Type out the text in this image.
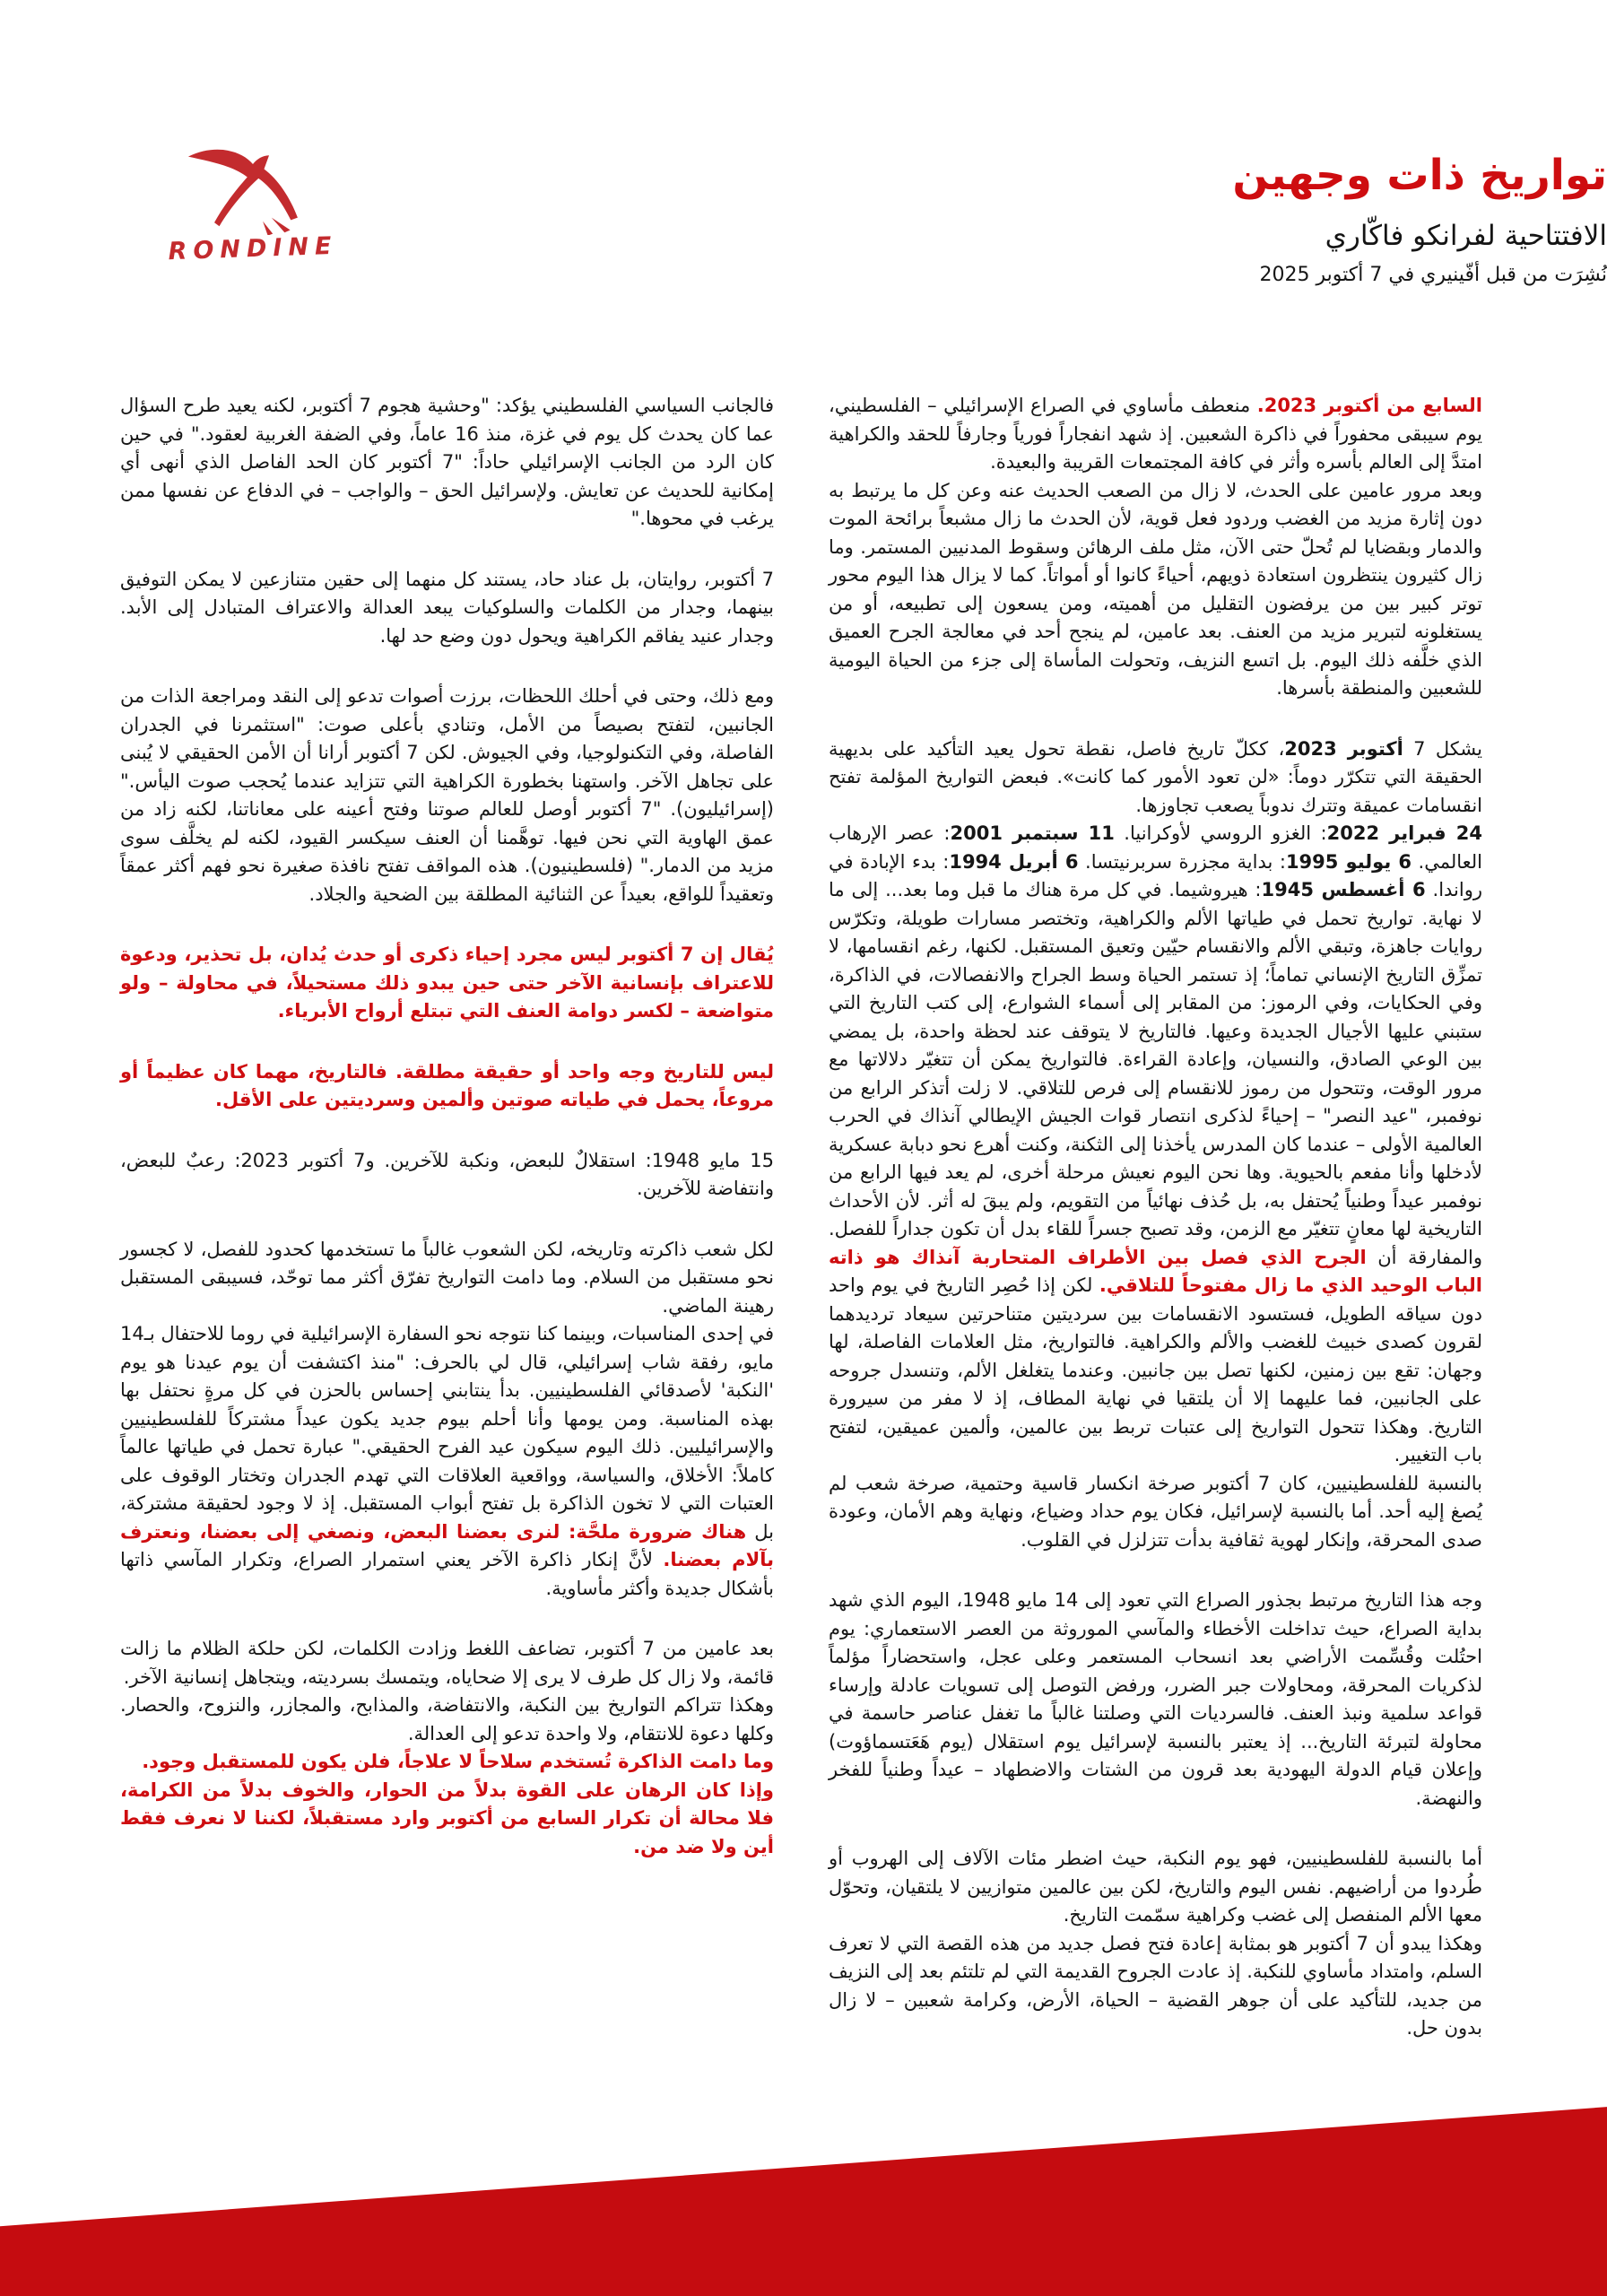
RONDINE
تواريخ ذات وجهين
الافتتاحية لفرانكو فاكّاري
نُشِرَت من قبل أفّينيري في 7 أكتوبر 2025

السابع من أكتوبر 2023. منعطف مأساوي في الصراع الإسرائيلي – الفلسطيني، يوم سيبقى محفوراً في ذاكرة الشعبين. إذ شهد انفجاراً فورياً وجارفاً للحقد والكراهية امتدَّ إلى العالم بأسره وأثر في كافة المجتمعات القريبة والبعيدة.

وبعد مرور عامين على الحدث، لا زال من الصعب الحديث عنه وعن كل ما يرتبط به دون إثارة مزيد من الغضب وردود فعل قوية، لأن الحدث ما زال مشبعاً برائحة الموت والدمار وبقضايا لم تُحلّ حتى الآن، مثل ملف الرهائن وسقوط المدنيين المستمر. وما زال كثيرون ينتظرون استعادة ذويهم، أحياءً كانوا أو أمواتاً. كما لا يزال هذا اليوم محور توتر كبير بين من يرفضون التقليل من أهميته، ومن يسعون إلى تطبيعه، أو من يستغلونه لتبرير مزيد من العنف. بعد عامين، لم ينجح أحد في معالجة الجرح العميق الذي خلَّفه ذلك اليوم. بل اتسع النزيف، وتحولت المأساة إلى جزء من الحياة اليومية للشعبين والمنطقة بأسرها.

يشكل 7 أكتوبر 2023، ككلّ تاريخ فاصل، نقطة تحول يعيد التأكيد على بديهية الحقيقة التي تتكرّر دوماً: «لن تعود الأمور كما كانت». فبعض التواريخ المؤلمة تفتح انقسامات عميقة وتترك ندوباً يصعب تجاوزها.

24 فبراير 2022: الغزو الروسي لأوكرانيا. 11 سبتمبر 2001: عصر الإرهاب العالمي. 6 يوليو 1995: بداية مجزرة سربرنيتسا. 6 أبريل 1994: بدء الإبادة في رواندا. 6 أغسطس 1945: هيروشيما. في كل مرة هناك ما قبل وما بعد... إلى ما لا نهاية. تواريخ تحمل في طياتها الألم والكراهية، وتختصر مسارات طويلة، وتكرّس روايات جاهزة، وتبقي الألم والانقسام حيّين وتعيق المستقبل. لكنها، رغم انقسامها، لا تمزِّق التاريخ الإنساني تماماً؛ إذ تستمر الحياة وسط الجراح والانفصالات، في الذاكرة، وفي الحكايات، وفي الرموز: من المقابر إلى أسماء الشوارع، إلى كتب التاريخ التي ستبني عليها الأجيال الجديدة وعيها. فالتاريخ لا يتوقف عند لحظة واحدة، بل يمضي بين الوعي الصادق، والنسيان، وإعادة القراءة. فالتواريخ يمكن أن تتغيّر دلالاتها مع مرور الوقت، وتتحول من رموز للانقسام إلى فرص للتلاقي. لا زلت أتذكر الرابع من نوفمبر، "عيد النصر" – إحياءً لذكرى انتصار قوات الجيش الإيطالي آنذاك في الحرب العالمية الأولى – عندما كان المدرس يأخذنا إلى الثكنة، وكنت أهرع نحو دبابة عسكرية لأدخلها وأنا مفعم بالحيوية. وها نحن اليوم نعيش مرحلة أخرى، لم يعد فيها الرابع من نوفمبر عيداً وطنياً يُحتفل به، بل حُذف نهائياً من التقويم، ولم يبقَ له أثر. لأن الأحداث التاريخية لها معانٍ تتغيّر مع الزمن، وقد تصبح جسراً للقاء بدل أن تكون جداراً للفصل. والمفارقة أن الجرح الذي فصل بين الأطراف المتحاربة آنذاك هو ذاته الباب الوحيد الذي ما زال مفتوحاً للتلاقي. لكن إذا حُصِر التاريخ في يوم واحد دون سياقه الطويل، فستسود الانقسامات بين سرديتين متناحرتين سيعاد ترديدهما لقرون كصدى خبيث للغضب والألم والكراهية. فالتواريخ، مثل العلامات الفاصلة، لها وجهان: تقع بين زمنين، لكنها تصل بين جانبين. وعندما يتغلغل الألم، وتنسدل جروحه على الجانبين، فما عليهما إلا أن يلتقيا في نهاية المطاف، إذ لا مفر من سيرورة التاريخ. وهكذا تتحول التواريخ إلى عتبات تربط بين عالمين، وألمين عميقين، لتفتح باب التغيير.

بالنسبة للفلسطينيين، كان 7 أكتوبر صرخة انكسار قاسية وحتمية، صرخة شعب لم يُصغ إليه أحد. أما بالنسبة لإسرائيل، فكان يوم حداد وضياع، ونهاية وهم الأمان، وعودة صدى المحرقة، وإنكار لهوية ثقافية بدأت تتزلزل في القلوب.

وجه هذا التاريخ مرتبط بجذور الصراع التي تعود إلى 14 مايو 1948، اليوم الذي شهد بداية الصراع، حيث تداخلت الأخطاء والمآسي الموروثة من العصر الاستعماري: يوم احتُلت وقُسِّمت الأراضي بعد انسحاب المستعمر وعلى عجل، واستحضاراً مؤلماً لذكريات المحرقة، ومحاولات جبر الضرر، ورفض التوصل إلى تسويات عادلة وإرساء قواعد سلمية ونبذ العنف. فالسرديات التي وصلتنا غالباً ما تغفل عناصر حاسمة في محاولة لتبرئة التاريخ... إذ يعتبر بالنسبة لإسرائيل يوم استقلال (يوم هَعَتسماؤوت) وإعلان قيام الدولة اليهودية بعد قرون من الشتات والاضطهاد – عيداً وطنياً للفخر والنهضة.

أما بالنسبة للفلسطينيين، فهو يوم النكبة، حيث اضطر مئات الآلاف إلى الهروب أو طُردوا من أراضيهم. نفس اليوم والتاريخ، لكن بين عالمين متوازيين لا يلتقيان، وتحوّل معها الألم المنفصل إلى غضب وكراهية سمّمت التاريخ.

وهكذا يبدو أن 7 أكتوبر هو بمثابة إعادة فتح فصل جديد من هذه القصة التي لا تعرف السلم، وامتداد مأساوي للنكبة. إذ عادت الجروح القديمة التي لم تلتئم بعد إلى النزيف من جديد، للتأكيد على أن جوهر القضية – الحياة، الأرض، وكرامة شعبين – لا زال بدون حل.

فالجانب السياسي الفلسطيني يؤكد: "وحشية هجوم 7 أكتوبر، لكنه يعيد طرح السؤال عما كان يحدث كل يوم في غزة، منذ 16 عاماً، وفي الضفة الغربية لعقود." في حين كان الرد من الجانب الإسرائيلي حاداً: "7 أكتوبر كان الحد الفاصل الذي أنهى أي إمكانية للحديث عن تعايش. ولإسرائيل الحق – والواجب – في الدفاع عن نفسها ممن يرغب في محوها."

7 أكتوبر، روايتان، بل عناد حاد، يستند كل منهما إلى حقين متنازعين لا يمكن التوفيق بينهما، وجدار من الكلمات والسلوكيات يبعد العدالة والاعتراف المتبادل إلى الأبد. وجدار عنيد يفاقم الكراهية ويحول دون وضع حد لها.

ومع ذلك، وحتى في أحلك اللحظات، برزت أصوات تدعو إلى النقد ومراجعة الذات من الجانبين، لتفتح بصيصاً من الأمل، وتنادي بأعلى صوت: "استثمرنا في الجدران الفاصلة، وفي التكنولوجيا، وفي الجيوش. لكن 7 أكتوبر أرانا أن الأمن الحقيقي لا يُبنى على تجاهل الآخر. واستهنا بخطورة الكراهية التي تتزايد عندما يُحجب صوت اليأس." (إسرائيليون). "7 أكتوبر أوصل للعالم صوتنا وفتح أعينه على معاناتنا، لكنه زاد من عمق الهاوية التي نحن فيها. توهَّمنا أن العنف سيكسر القيود، لكنه لم يخلَّف سوى مزيد من الدمار." (فلسطينيون). هذه المواقف تفتح نافذة صغيرة نحو فهم أكثر عمقاً وتعقيداً للواقع، بعيداً عن الثنائية المطلقة بين الضحية والجلاد.

يُقال إن 7 أكتوبر ليس مجرد إحياء ذكرى أو حدث يُدان، بل تحذير، ودعوة للاعتراف بإنسانية الآخر حتى حين يبدو ذلك مستحيلاً، في محاولة – ولو متواضعة – لكسر دوامة العنف التي تبتلع أرواح الأبرياء.

ليس للتاريخ وجه واحد أو حقيقة مطلقة. فالتاريخ، مهما كان عظيماً أو مروعاً، يحمل في طياته صوتين وألمين وسرديتين على الأقل.

15 مايو 1948: استقلالٌ للبعض، ونكبة للآخرين. و7 أكتوبر 2023: رعبٌ للبعض، وانتفاضة للآخرين.

لكل شعب ذاكرته وتاريخه، لكن الشعوب غالباً ما تستخدمها كحدود للفصل، لا كجسور نحو مستقبل من السلام. وما دامت التواريخ تفرّق أكثر مما توحّد، فسيبقى المستقبل رهينة الماضي.

في إحدى المناسبات، وبينما كنا نتوجه نحو السفارة الإسرائيلية في روما للاحتفال بـ14 مايو، رفقة شاب إسرائيلي، قال لي بالحرف: "منذ اكتشفت أن يوم عيدنا هو يوم 'النكبة' لأصدقائي الفلسطينيين. بدأ ينتابني إحساس بالحزن في كل مرةٍ نحتفل بها بهذه المناسبة. ومن يومها وأنا أحلم بيوم جديد يكون عيداً مشتركاً للفلسطينيين والإسرائيليين. ذلك اليوم سيكون عيد الفرح الحقيقي." عبارة تحمل في طياتها عالماً كاملاً: الأخلاق، والسياسة، وواقعية العلاقات التي تهدم الجدران وتختار الوقوف على العتبات التي لا تخون الذاكرة بل تفتح أبواب المستقبل. إذ لا وجود لحقيقة مشتركة، بل هناك ضرورة ملحَّة: لنرى بعضنا البعض، ونصغي إلى بعضنا، ونعترف بآلام بعضنا. لأنَّ إنكار ذاكرة الآخر يعني استمرار الصراع، وتكرار المآسي ذاتها بأشكال جديدة وأكثر مأساوية.

بعد عامين من 7 أكتوبر، تضاعف اللغط وزادت الكلمات، لكن حلكة الظلام ما زالت قائمة، ولا زال كل طرف لا يرى إلا ضحاياه، ويتمسك بسرديته، ويتجاهل إنسانية الآخر.

وهكذا تتراكم التواريخ بين النكبة، والانتفاضة، والمذابح، والمجازر، والنزوح، والحصار. وكلها دعوة للانتقام، ولا واحدة تدعو إلى العدالة.

وما دامت الذاكرة تُستخدم سلاحاً لا علاجاً، فلن يكون للمستقبل وجود.

وإذا كان الرهان على القوة بدلاً من الحوار، والخوف بدلاً من الكرامة، فلا محالة أن تكرار السابع من أكتوبر وارد مستقبلاً، لكننا لا نعرف فقط أين ولا ضد من.
